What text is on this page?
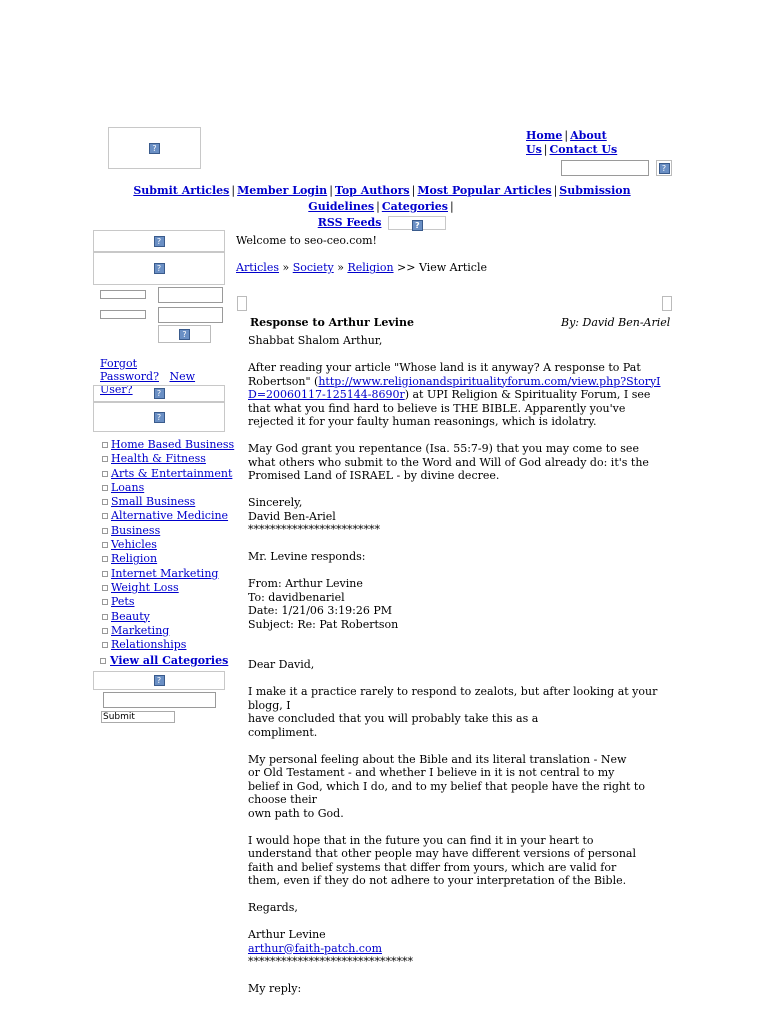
?
Home | About Us | Contact Us
?
Submit Articles | Member Login | Top Authors | Most Popular Articles | Submission Guidelines | Categories |
RSS Feeds	?
?
?
?
Forgot Password? New User?	?
?
Home Based Business
Health & Fitness
Arts & Entertainment
Loans
Small Business
Alternative Medicine
Business
Vehicles
Religion
Internet Marketing
Weight Loss
Pets
Beauty
Marketing
Relationships
View all Categories
?
Submit
Welcome to seo-ceo.com!
Articles » Society » Religion >> View Article
Response to Arthur Levine	By: David Ben-Ariel

Shabbat Shalom Arthur,

After reading your article "Whose land is it anyway? A response to Pat Robertson" (http://www.religionandspiritualityforum.com/view.php?StoryID=20060117-125144-8690r) at UPI Religion & Spirituality Forum, I see that what you find hard to believe is THE BIBLE. Apparently you've rejected it for your faulty human reasonings, which is idolatry.

May God grant you repentance (Isa. 55:7-9) that you may come to see what others who submit to the Word and Will of God already do: it's the Promised Land of ISRAEL - by divine decree.

Sincerely,
David Ben-Ariel
************************

Mr. Levine responds:

From: Arthur Levine
To: davidbenariel
Date: 1/21/06 3:19:26 PM
Subject: Re: Pat Robertson

Dear David,

I make it a practice rarely to respond to zealots, but after looking at your blogg, I
have concluded that you will probably take this as a
compliment.

My personal feeling about the Bible and its literal translation - New
or Old Testament - and whether I believe in it is not central to my
belief in God, which I do, and to my belief that people have the right to choose their
own path to God.

I would hope that in the future you can find it in your heart to
understand that other people may have different versions of personal
faith and belief systems that differ from yours, which are valid for
them, even if they do not adhere to your interpretation of the Bible.

Regards,

Arthur Levine
arthur@faith-patch.com
******************************

My reply:
